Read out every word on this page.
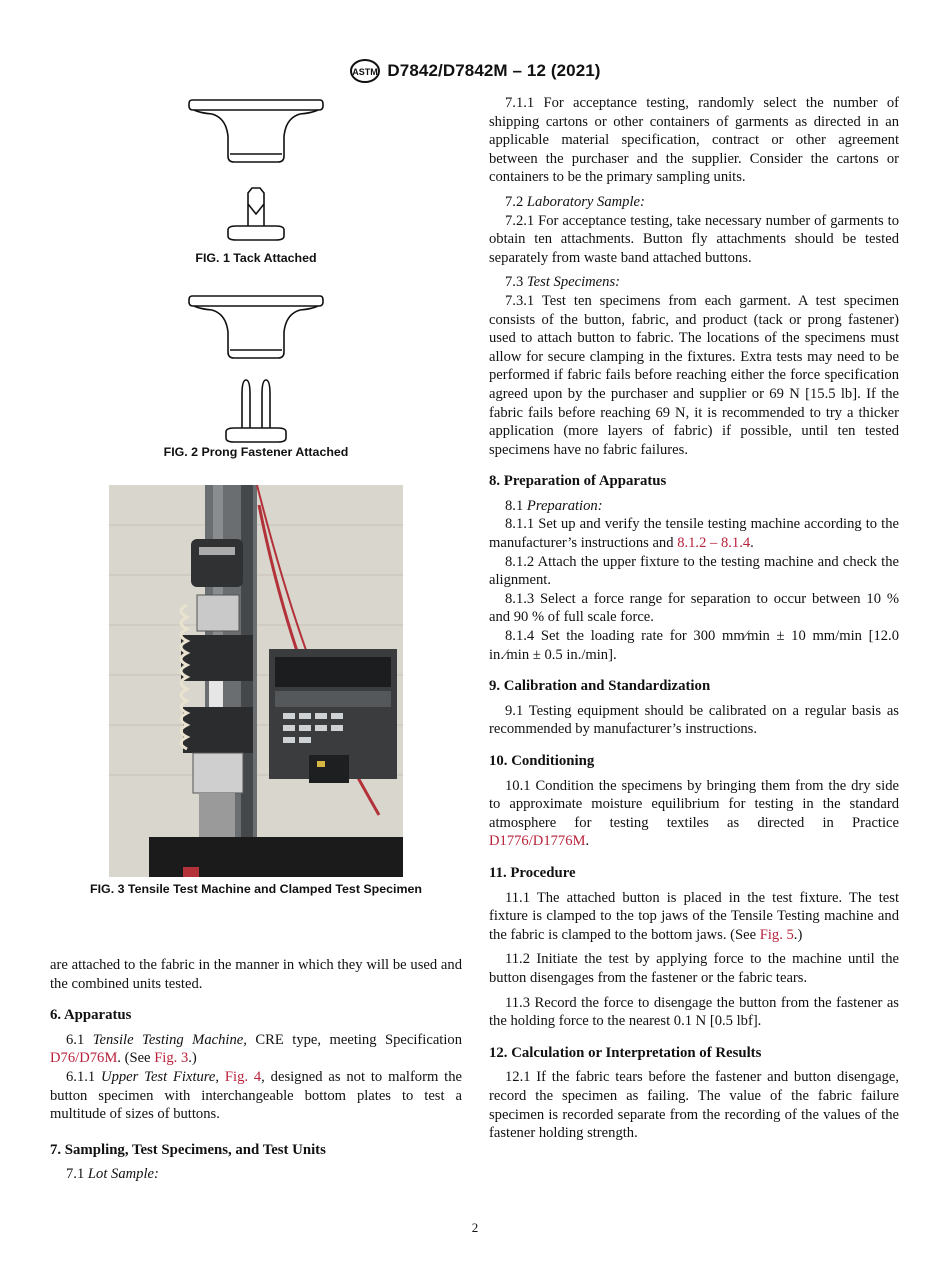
ASTM D7842/D7842M – 12 (2021)
FIG. 1 Tack Attached
FIG. 2 Prong Fastener Attached
FIG. 3 Tensile Test Machine and Clamped Test Specimen

are attached to the fabric in the manner in which they will be used and the combined units tested.

6. Apparatus

6.1 Tensile Testing Machine, CRE type, meeting Specification D76/D76M. (See Fig. 3.)

6.1.1 Upper Test Fixture, Fig. 4, designed as not to malform the button specimen with interchangeable bottom plates to test a multitude of sizes of buttons.

7. Sampling, Test Specimens, and Test Units

7.1 Lot Sample:

7.1.1 For acceptance testing, randomly select the number of shipping cartons or other containers of garments as directed in an applicable material specification, contract or other agreement between the purchaser and the supplier. Consider the cartons or containers to be the primary sampling units.

7.2 Laboratory Sample:

7.2.1 For acceptance testing, take necessary number of garments to obtain ten attachments. Button fly attachments should be tested separately from waste band attached buttons.

7.3 Test Specimens:

7.3.1 Test ten specimens from each garment. A test specimen consists of the button, fabric, and product (tack or prong fastener) used to attach button to fabric. The locations of the specimens must allow for secure clamping in the fixtures. Extra tests may need to be performed if fabric fails before reaching either the force specification agreed upon by the purchaser and supplier or 69 N [15.5 lb]. If the fabric fails before reaching 69 N, it is recommended to try a thicker application (more layers of fabric) if possible, until ten tested specimens have no fabric failures.

8. Preparation of Apparatus

8.1 Preparation:

8.1.1 Set up and verify the tensile testing machine according to the manufacturer’s instructions and 8.1.2 – 8.1.4.

8.1.2 Attach the upper fixture to the testing machine and check the alignment.

8.1.3 Select a force range for separation to occur between 10 % and 90 % of full scale force.

8.1.4 Set the loading rate for 300 mm⁄min ± 10 mm/min [12.0 in.⁄min ± 0.5 in./min].

9. Calibration and Standardization

9.1 Testing equipment should be calibrated on a regular basis as recommended by manufacturer’s instructions.

10. Conditioning

10.1 Condition the specimens by bringing them from the dry side to approximate moisture equilibrium for testing in the standard atmosphere for testing textiles as directed in Practice D1776/D1776M.

11. Procedure

11.1 The attached button is placed in the test fixture. The test fixture is clamped to the top jaws of the Tensile Testing machine and the fabric is clamped to the bottom jaws. (See Fig. 5.)

11.2 Initiate the test by applying force to the machine until the button disengages from the fastener or the fabric tears.

11.3 Record the force to disengage the button from the fastener as the holding force to the nearest 0.1 N [0.5 lbf].

12. Calculation or Interpretation of Results

12.1 If the fabric tears before the fastener and button disengage, record the specimen as failing. The value of the fabric failure specimen is recorded separate from the recording of the values of the fastener holding strength.

2
